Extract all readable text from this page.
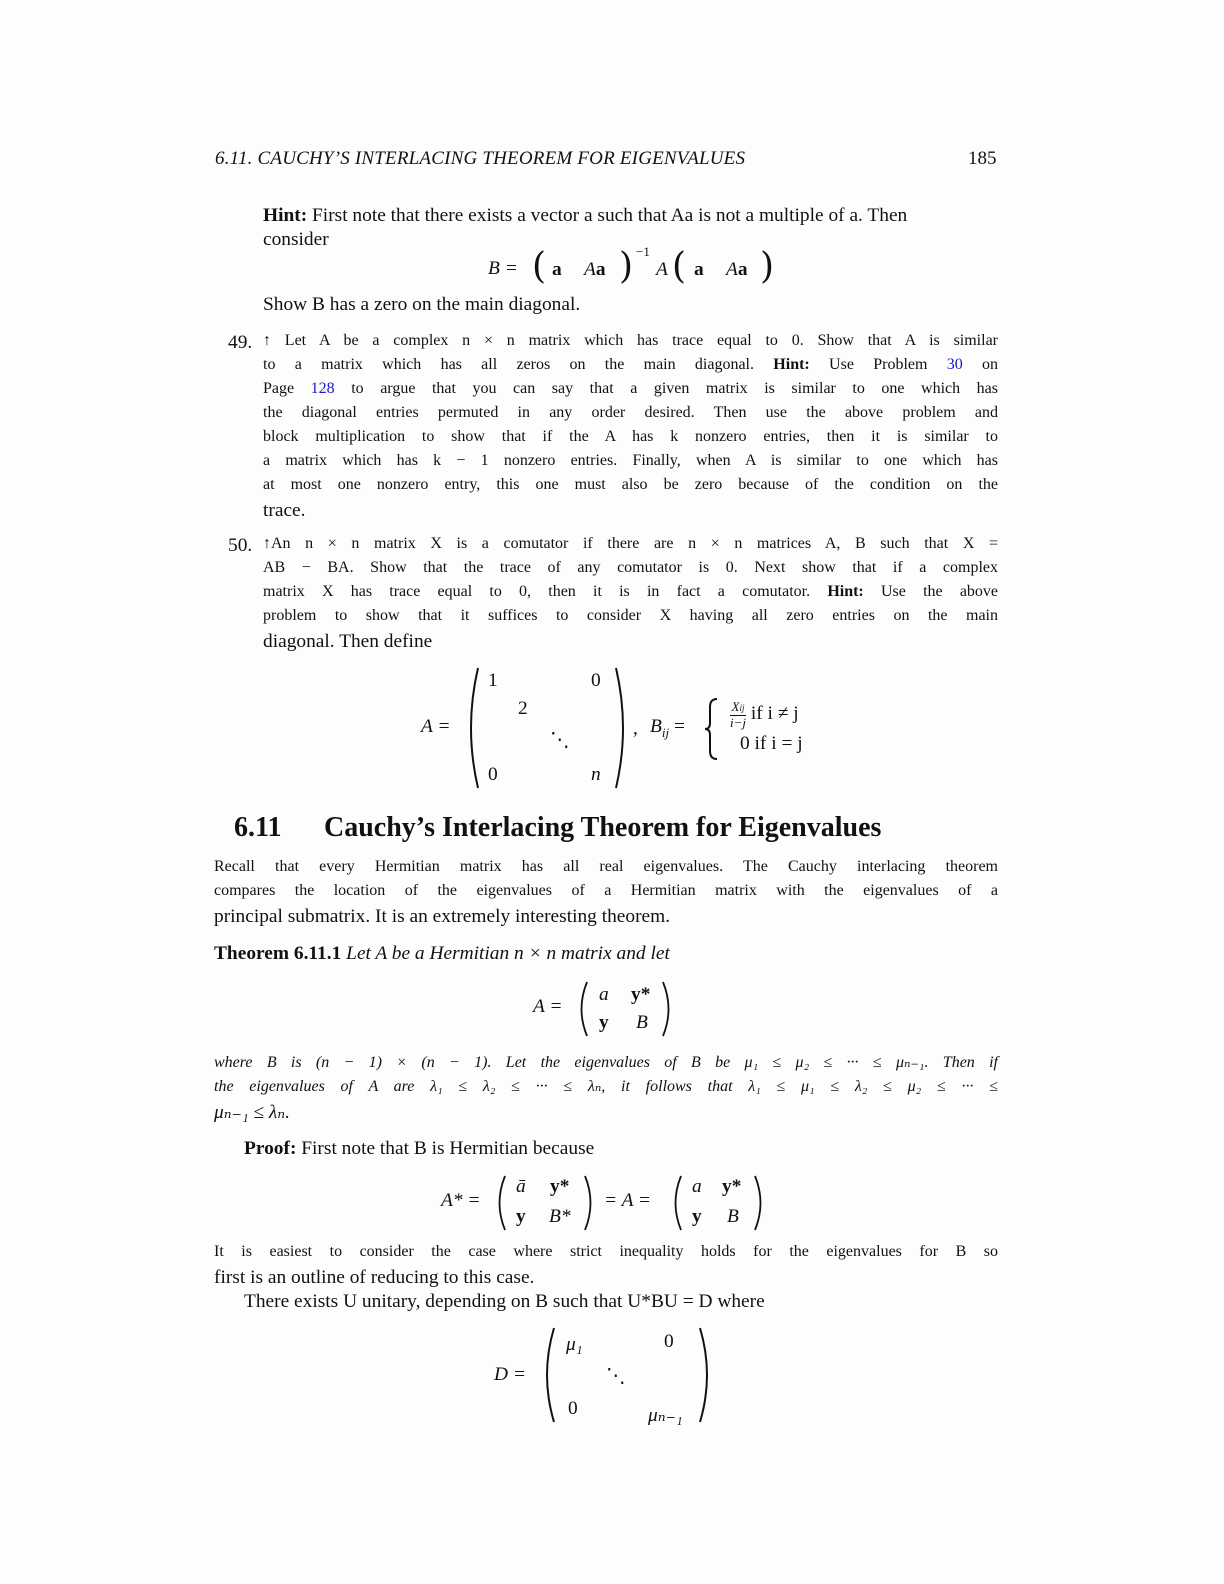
6.11. CAUCHY’S INTERLACING THEOREM FOR EIGENVALUES	185
Hint: First note that there exists a vector a such that Aa is not a multiple of a. Then
consider
B = ( a Aa ) −1
A ( a Aa )
Show B has a zero on the main diagonal.
49. ↑ Let A be a complex n × n matrix which has trace equal to 0. Show that A is similar
to a matrix which has all zeros on the main diagonal. Hint: Use Problem 30 on
Page 128 to argue that you can say that a given matrix is similar to one which has
the diagonal entries permuted in any order desired. Then use the above problem and
block multiplication to show that if the A has k nonzero entries, then it is similar to
a matrix which has k − 1 nonzero entries. Finally, when A is similar to one which has
at most one nonzero entry, this one must also be zero because of the condition on the
trace.
50. ↑An n × n matrix X is a comutator if there are n × n matrices A, B such that X =
AB − BA. Show that the trace of any comutator is 0. Next show that if a complex
matrix X has trace equal to 0, then it is in fact a comutator. Hint: Use the above
problem to show that it suffices to consider X having all zero entries on the main
diagonal. Then define
A =
1	0
2
⋱
0	n
, $B_{ij}$ =	$\frac{\text{Xij}}{i-j}$ if i ≠ j
0 if i = j
6.11 Cauchy’s Interlacing Theorem for Eigenvalues
Recall that every Hermitian matrix has all real eigenvalues. The Cauchy interlacing theorem
compares the location of the eigenvalues of a Hermitian matrix with the eigenvalues of a
principal submatrix. It is an extremely interesting theorem.
Theorem 6.11.1 Let A be a Hermitian n × n matrix and let
A =
a y*
y B
where B is (n − 1) × (n − 1). Let the eigenvalues of B be μ₁ ≤ μ₂ ≤ ··· ≤ μₙ₋₁. Then if
the eigenvalues of A are λ₁ ≤ λ₂ ≤ ··· ≤ λₙ, it follows that λ₁ ≤ μ₁ ≤ λ₂ ≤ μ₂ ≤ ··· ≤
μₙ₋₁ ≤ λₙ.
Proof: First note that B is Hermitian because
A* =
ā y*
y B*
= A =
a y*
y B
It is easiest to consider the case where strict inequality holds for the eigenvalues for B so
first is an outline of reducing to this case.
There exists U unitary, depending on B such that U*BU = D where
D =
μ₁	0
⋱
0	μₙ₋₁
